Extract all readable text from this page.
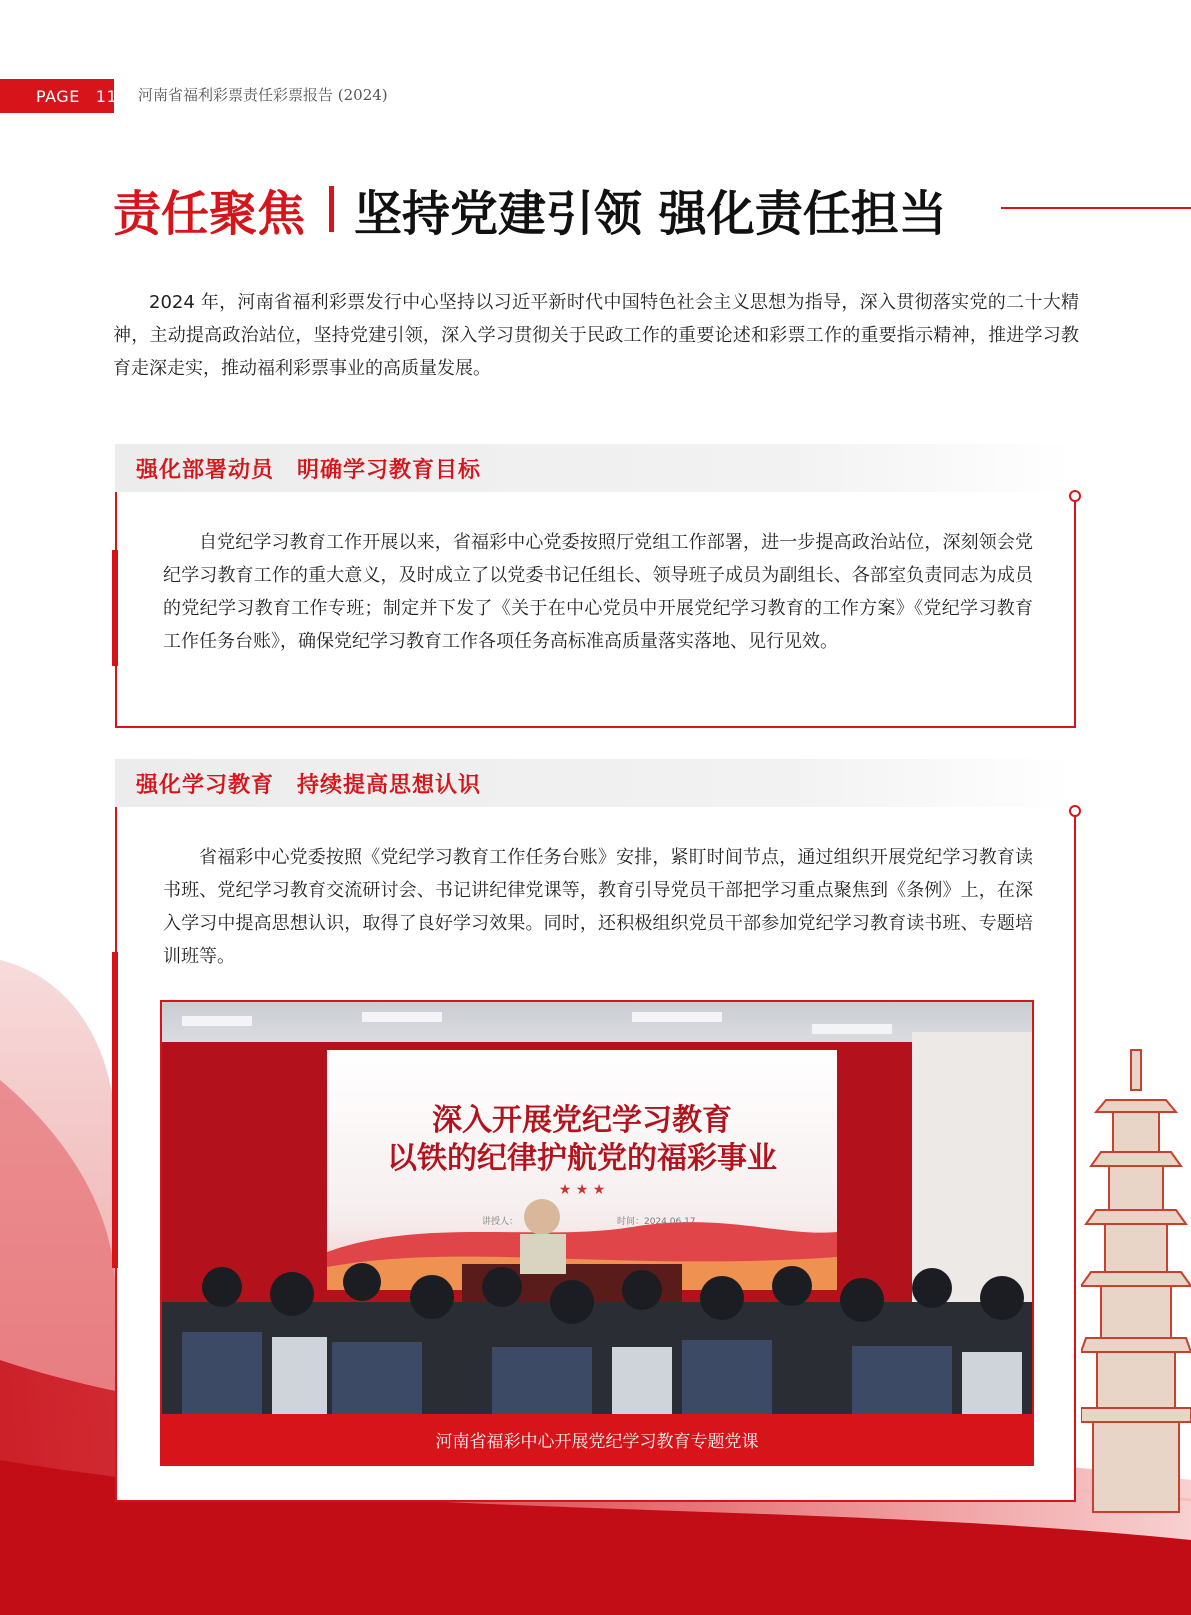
PAGE 11 河南省福利彩票责任彩票报告 (2024)
责任聚焦 坚持党建引领 强化责任担当

2024 年，河南省福利彩票发行中心坚持以习近平新时代中国特色社会主义思想为指导，深入贯彻落实党的二十大精神，主动提高政治站位，坚持党建引领，深入学习贯彻关于民政工作的重要论述和彩票工作的重要指示精神，推进学习教育走深走实，推动福利彩票事业的高质量发展。

强化部署动员　明确学习教育目标

自党纪学习教育工作开展以来，省福彩中心党委按照厅党组工作部署，进一步提高政治站位，深刻领会党纪学习教育工作的重大意义，及时成立了以党委书记任组长、领导班子成员为副组长、各部室负责同志为成员的党纪学习教育工作专班；制定并下发了《关于在中心党员中开展党纪学习教育的工作方案》《党纪学习教育工作任务台账》，确保党纪学习教育工作各项任务高标准高质量落实落地、见行见效。

强化学习教育　持续提高思想认识

省福彩中心党委按照《党纪学习教育工作任务台账》安排，紧盯时间节点，通过组织开展党纪学习教育读书班、党纪学习教育交流研讨会、书记讲纪律党课等，教育引导党员干部把学习重点聚焦到《条例》上，在深入学习中提高思想认识，取得了良好学习效果。同时，还积极组织党员干部参加党纪学习教育读书班、专题培训班等。

深入开展党纪学习教育
以铁的纪律护航党的福彩事业
★ ★ ★
讲授人：	时间：2024.06.17
河南省福彩中心开展党纪学习教育专题党课
